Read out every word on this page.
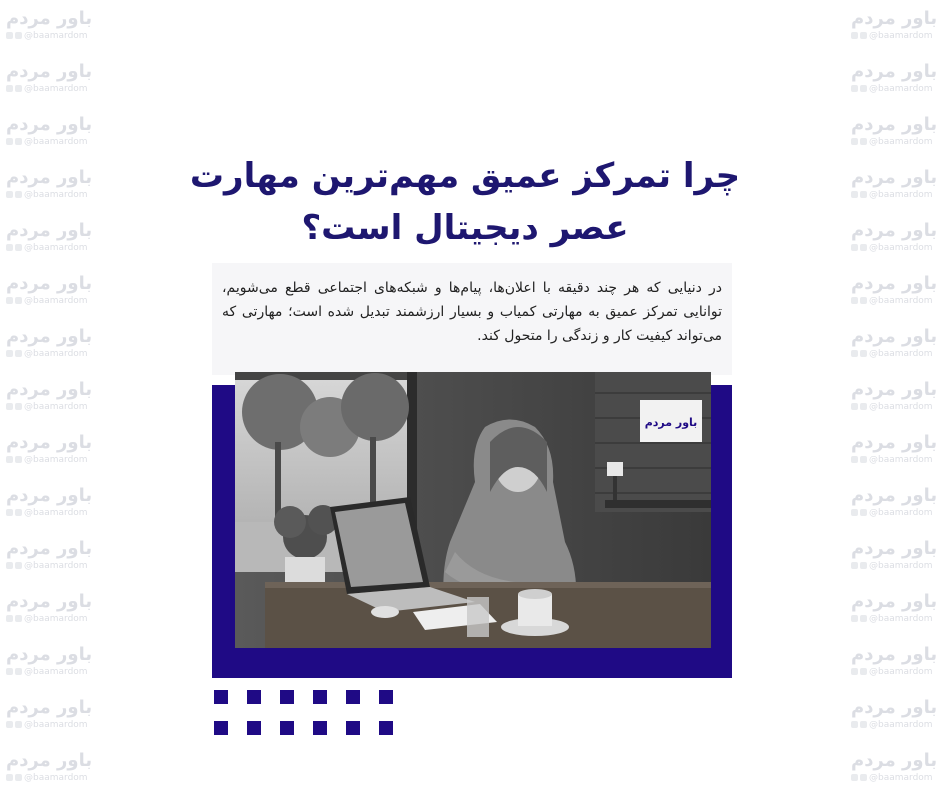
باور مردم
@baamardom
باور مردم
@baamardom
باور مردم
@baamardom
باور مردم
@baamardom
باور مردم
@baamardom
باور مردم
@baamardom
باور مردم
@baamardom
باور مردم
@baamardom
باور مردم
@baamardom
باور مردم
@baamardom
باور مردم
@baamardom
باور مردم
@baamardom
باور مردم
@baamardom
باور مردم
@baamardom
باور مردم
@baamardom
باور مردم
@baamardom
باور مردم
@baamardom
باور مردم
@baamardom
باور مردم
@baamardom
باور مردم
@baamardom
باور مردم
@baamardom
باور مردم
@baamardom
باور مردم
@baamardom
باور مردم
@baamardom
باور مردم
@baamardom
باور مردم
@baamardom
باور مردم
@baamardom
باور مردم
@baamardom
باور مردم
@baamardom
باور مردم
@baamardom
چرا تمرکز عمیق مهم‌ترین مهارت عصر دیجیتال است؟
در دنیایی که هر چند دقیقه با اعلان‌ها، پیام‌ها و شبکه‌های اجتماعی قطع می‌شویم، توانایی تمرکز عمیق به مهارتی کمیاب و بسیار ارزشمند تبدیل شده است؛ مهارتی که می‌تواند کیفیت کار و زندگی را متحول کند.
باور مردم
